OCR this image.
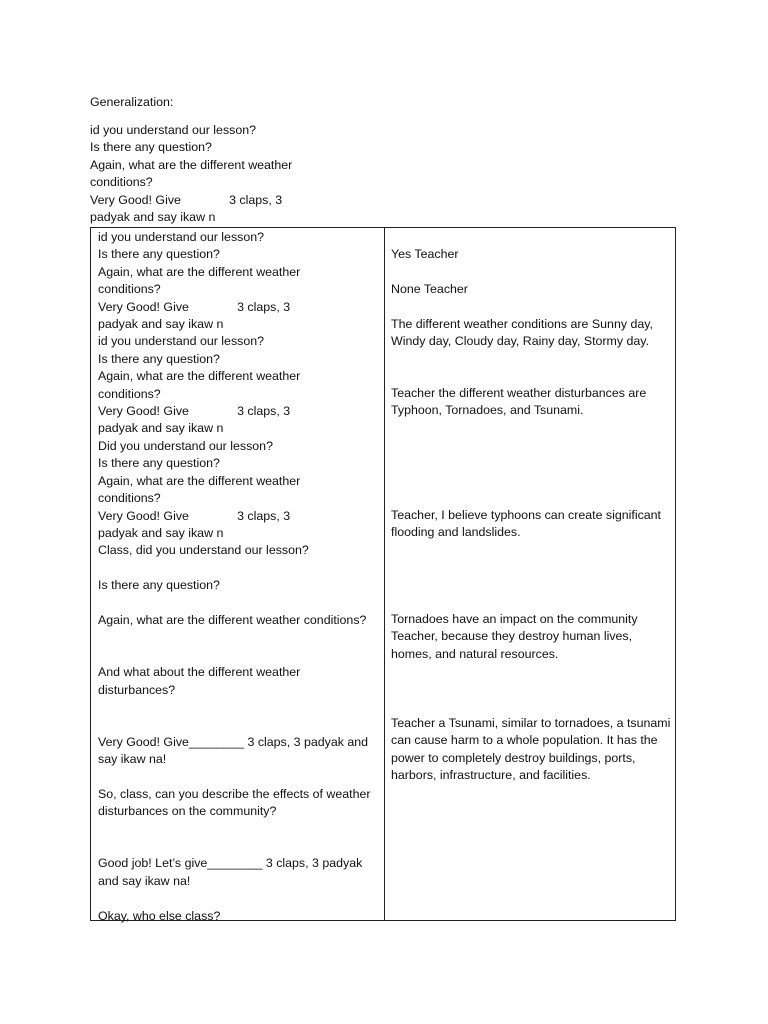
Generalization:
id you understand our lesson?
Is there any question?
Again, what are the different weather
conditions?
Very Good! Give              3 claps, 3
padyak and say ikaw n
id you understand our lesson?
Is there any question?
Again, what are the different weather
conditions?
Very Good! Give              3 claps, 3
padyak and say ikaw n
id you understand our lesson?
Is there any question?
Again, what are the different weather
conditions?
Very Good! Give              3 claps, 3
padyak and say ikaw n
Did you understand our lesson?
Is there any question?
Again, what are the different weather
conditions?
Very Good! Give              3 claps, 3
padyak and say ikaw n
Class, did you understand our lesson?
Is there any question?
Again, what are the different weather conditions?
And what about the different weather
disturbances?
Very Good! Give________ 3 claps, 3 padyak and
say ikaw na!
So, class, can you describe the effects of weather
disturbances on the community?
Good job! Let’s give________ 3 claps, 3 padyak
and say ikaw na!
Okay, who else class?
Yes Teacher
None Teacher
The different weather conditions are Sunny day, Windy day, Cloudy day, Rainy day, Stormy day.
Teacher the different weather disturbances are Typhoon, Tornadoes, and Tsunami.
Teacher, I believe typhoons can create significant flooding and landslides.
Tornadoes have an impact on the community Teacher, because they destroy human lives, homes, and natural resources.
Teacher a Tsunami, similar to tornadoes, a tsunami can cause harm to a whole population. It has the power to completely destroy buildings, ports, harbors, infrastructure, and facilities.
